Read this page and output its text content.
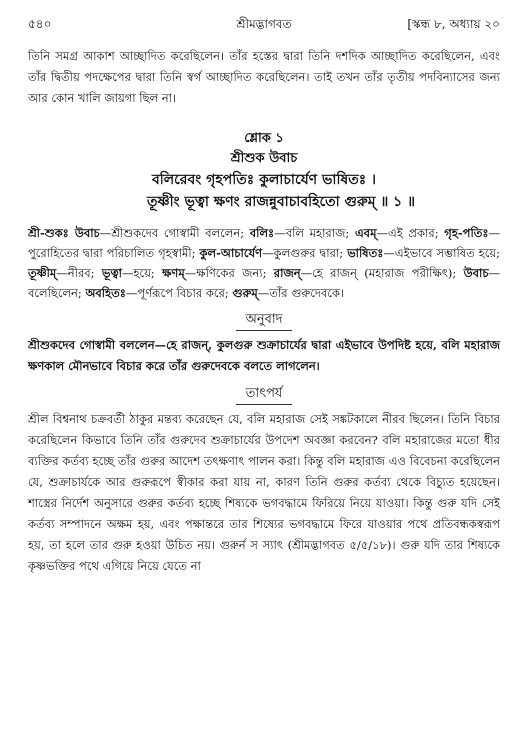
৫৪০	শ্রীমদ্ভাগবত	[স্কন্ধ ৮, অধ্যায় ২০

তিনি সমগ্র আকাশ আচ্ছাদিত করেছিলেন। তাঁর হস্তের দ্বারা তিনি দশদিক আচ্ছাদিত করেছিলেন, এবং তাঁর দ্বিতীয় পদক্ষেপের দ্বারা তিনি স্বর্গ আচ্ছাদিত করেছিলেন। তাই তখন তাঁর তৃতীয় পদবিন্যাসের জন্য আর কোন খালি জায়গা ছিল না।

শ্লোক ১
শ্রীশুক উবাচ
বলিরেবং গৃহপতিঃ কুলাচার্যেণ ভাষিতঃ ।
তূষ্ণীং ভূত্বা ক্ষণং রাজন্নুবাচাবহিতো গুরুম্ ॥ ১ ॥
শ্রী-শুকঃ উবাচ—শ্রীশুকদেব গোস্বামী বললেন; বলিঃ—বলি মহারাজ; এবম্—এই প্রকার; গৃহ-পতিঃ—পুরোহিতের দ্বারা পরিচালিত গৃহস্বামী; কুল-আচার্যেণ—কুলগুরুর দ্বারা; ভাষিতঃ—এইভাবে সম্ভাষিত হয়ে; তূষ্ণীম্—নীরব; ভূত্বা—হয়ে; ক্ষণম্—ক্ষণিকের জন্য; রাজন্—হে রাজন্ (মহারাজ পরীক্ষিৎ); উবাচ—বলেছিলেন; অবহিতঃ—পূর্ণরূপে বিচার করে; গুরুম্—তাঁর গুরুদেবকে।
অনুবাদ

শ্রীশুকদেব গোস্বামী বললেন—হে রাজন্, কুলগুরু শুক্রাচার্যের দ্বারা এইভাবে উপদিষ্ট হয়ে, বলি মহারাজ ক্ষণকাল মৌনভাবে বিচার করে তাঁর গুরুদেবকে বলতে লাগলেন।

তাৎপর্য

শ্রীল বিশ্বনাথ চক্রবর্তী ঠাকুর মন্তব্য করেছেন যে, বলি মহারাজ সেই সঙ্কটকালে নীরব ছিলেন। তিনি বিচার করেছিলেন কিভাবে তিনি তাঁর গুরুদেব শুক্রাচার্যের উপদেশ অবজ্ঞা করবেন? বলি মহারাজের মতো ধীর ব্যক্তির কর্তব্য হচ্ছে তাঁর গুরুর আদেশ তৎক্ষণাৎ পালন করা। কিন্তু বলি মহারাজ এও বিবেচনা করেছিলেন যে, শুক্রাচার্যকে আর গুরুরূপে স্বীকার করা যায় না, কারণ তিনি গুরুর কর্তব্য থেকে বিচ্যুত হয়েছেন। শাস্ত্রের নির্দেশ অনুসারে গুরুর কর্তব্য হচ্ছে শিষ্যকে ভগবদ্ধামে ফিরিয়ে নিয়ে যাওয়া। কিন্তু গুরু যদি সেই কর্তব্য সম্পাদনে অক্ষম হয়, এবং পক্ষান্তরে তার শিষ্যের ভগবদ্ধামে ফিরে যাওয়ার পথে প্রতিবন্ধকস্বরূপ হয়, তা হলে তার গুরু হওয়া উচিত নয়। গুরুর্ন স স্যাৎ (শ্রীমদ্ভাগবত ৫/৫/১৮)। গুরু যদি তার শিষ্যকে কৃষ্ণভক্তির পথে এগিয়ে নিয়ে যেতে না
